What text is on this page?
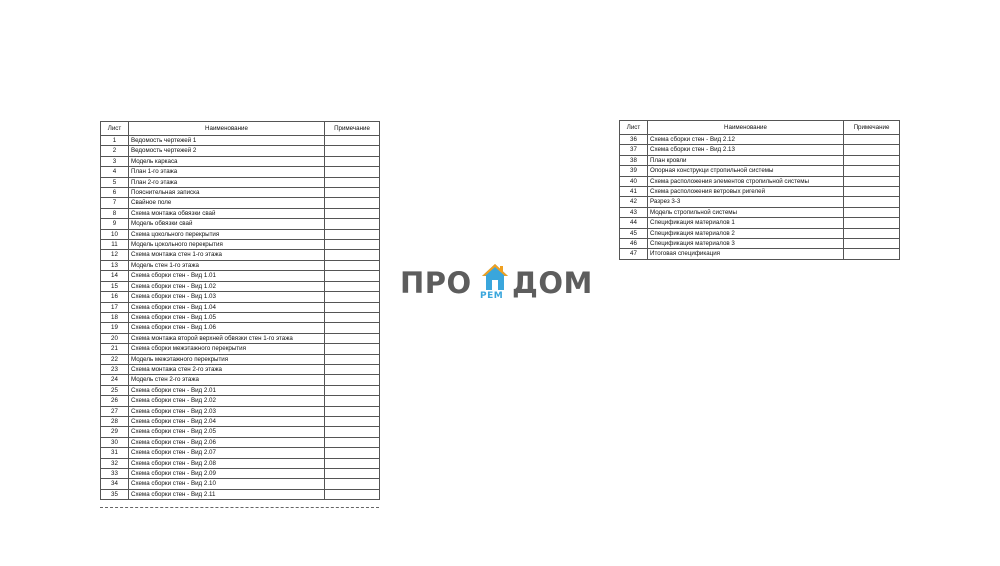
Лист	Наименование	Примечание
1	Ведомость чертежей 1	
2	Ведомость чертежей 2	
3	Модель каркаса	
4	План 1-го этажа	
5	План 2-го этажа	
6	Пояснительная записка	
7	Свайное поле	
8	Схема монтажа обвязки свай	
9	Модель обвязки свай	
10	Схема цокольного перекрытия	
11	Модель цокольного перекрытия	
12	Схема монтажа стен 1-го этажа	
13	Модель стен 1-го этажа	
14	Схема сборки стен - Вид 1.01	
15	Схема сборки стен - Вид 1.02	
16	Схема сборки стен - Вид 1.03	
17	Схема сборки стен - Вид 1.04	
18	Схема сборки стен - Вид 1.05	
19	Схема сборки стен - Вид 1.06	
20	Схема монтажа второй верхней обвязки стен 1-го этажа	
21	Схема сборки межэтажного перекрытия	
22	Модель межэтажного перекрытия	
23	Схема монтажа стен 2-го этажа	
24	Модель стен 2-го этажа	
25	Схема сборки стен - Вид 2.01	
26	Схема сборки стен - Вид 2.02	
27	Схема сборки стен - Вид 2.03	
28	Схема сборки стен - Вид 2.04	
29	Схема сборки стен - Вид 2.05	
30	Схема сборки стен - Вид 2.06	
31	Схема сборки стен - Вид 2.07	
32	Схема сборки стен - Вид 2.08	
33	Схема сборки стен - Вид 2.09	
34	Схема сборки стен - Вид 2.10	
35	Схема сборки стен - Вид 2.11	

Лист	Наименование	Примечание
36	Схема сборки стен - Вид 2.12	
37	Схема сборки стен - Вид 2.13	
38	План кровли	
39	Опорная конструкци стропильной системы	
40	Схема расположения элементов стропильной системы	
41	Схема расположения ветровых ригелей	
42	Разрез 3-3	
43	Модель стропильной системы	
44	Спецификация материалов 1	
45	Спецификация материалов 2	
46	Спецификация материалов 3	
47	Итоговая спецификация	
ПРО РЕМ ДОМ
